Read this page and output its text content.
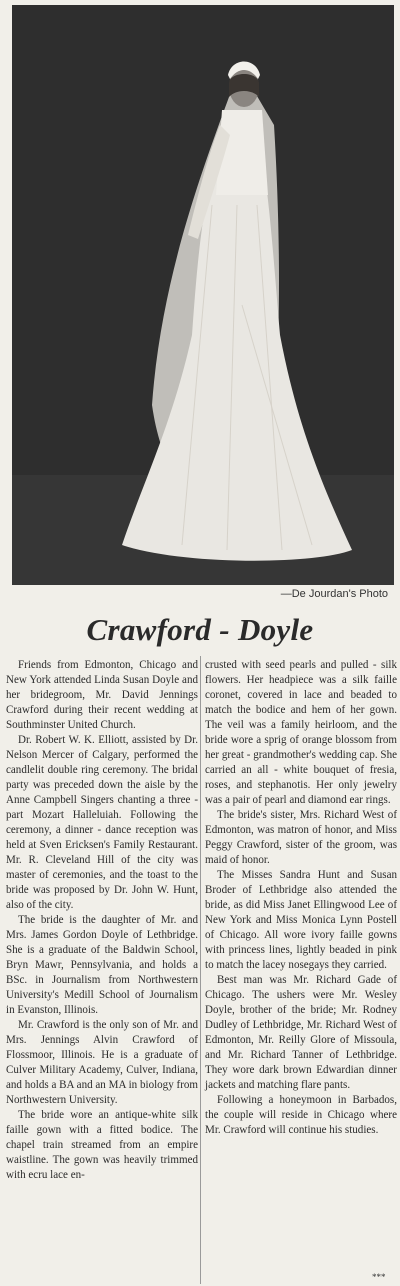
—De Jourdan's Photo
Crawford - Doyle

Friends from Edmonton, Chicago and New York attended Linda Susan Doyle and her bridegroom, Mr. David Jennings Crawford during their recent wedding at Southminster United Church.

Dr. Robert W. K. Elliott, assisted by Dr. Nelson Mercer of Calgary, performed the candlelit double ring ceremony. The bridal party was preceded down the aisle by the Anne Campbell Singers chanting a three - part Mozart Halleluiah. Following the ceremony, a dinner - dance reception was held at Sven Ericksen's Family Restaurant. Mr. R. Cleveland Hill of the city was master of ceremonies, and the toast to the bride was proposed by Dr. John W. Hunt, also of the city.

The bride is the daughter of Mr. and Mrs. James Gordon Doyle of Lethbridge. She is a graduate of the Baldwin School, Bryn Mawr, Pennsylvania, and holds a BSc. in Journalism from Northwestern University's Medill School of Journalism in Evanston, Illinois.

Mr. Crawford is the only son of Mr. and Mrs. Jennings Alvin Crawford of Flossmoor, Illinois. He is a graduate of Culver Military Academy, Culver, Indiana, and holds a BA and an MA in biology from Northwestern University.

The bride wore an antique-white silk faille gown with a fitted bodice. The chapel train streamed from an empire waistline. The gown was heavily trimmed with ecru lace en-

crusted with seed pearls and pulled - silk flowers. Her headpiece was a silk faille coronet, covered in lace and beaded to match the bodice and hem of her gown. The veil was a family heirloom, and the bride wore a sprig of orange blossom from her great - grandmother's wedding cap. She carried an all - white bouquet of fresia, roses, and stephanotis. Her only jewelry was a pair of pearl and diamond ear rings.

The bride's sister, Mrs. Richard West of Edmonton, was matron of honor, and Miss Peggy Crawford, sister of the groom, was maid of honor.

The Misses Sandra Hunt and Susan Broder of Lethbridge also attended the bride, as did Miss Janet Ellingwood Lee of New York and Miss Monica Lynn Postell of Chicago. All wore ivory faille gowns with princess lines, lightly beaded in pink to match the lacey nosegays they carried.

Best man was Mr. Richard Gade of Chicago. The ushers were Mr. Wesley Doyle, brother of the bride; Mr. Rodney Dudley of Lethbridge, Mr. Richard West of Edmonton, Mr. Reilly Glore of Missoula, and Mr. Richard Tanner of Lethbridge. They wore dark brown Edwardian dinner jackets and matching flare pants.

Following a honeymoon in Barbados, the couple will reside in Chicago where Mr. Crawford will continue his studies.

***
